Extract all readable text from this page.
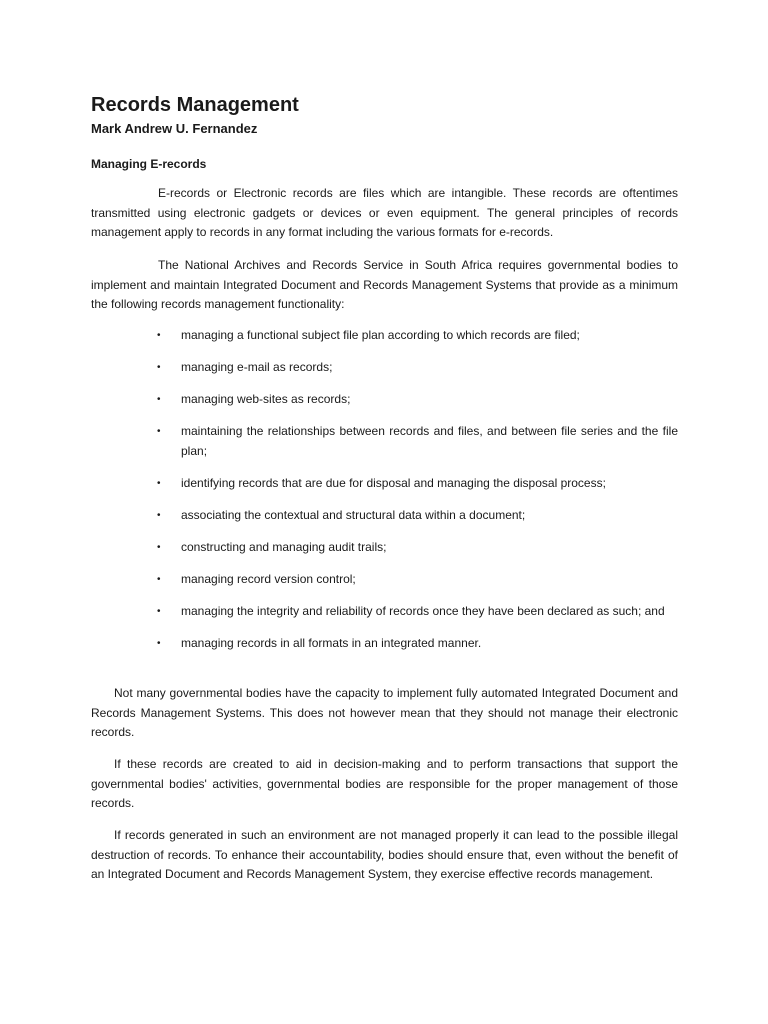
Records Management
Mark Andrew U. Fernandez
Managing E-records

E-records or Electronic records are files which are intangible. These records are oftentimes transmitted using electronic gadgets or devices or even equipment. The general principles of records management apply to records in any format including the various formats for e-records.

The National Archives and Records Service in South Africa requires governmental bodies to implement and maintain Integrated Document and Records Management Systems that provide as a minimum the following records management functionality:

• managing a functional subject file plan according to which records are filed;
• managing e-mail as records;
• managing web-sites as records;
• maintaining the relationships between records and files, and between file series and the file plan;
• identifying records that are due for disposal and managing the disposal process;
• associating the contextual and structural data within a document;
• constructing and managing audit trails;
• managing record version control;
• managing the integrity and reliability of records once they have been declared as such; and
• managing records in all formats in an integrated manner.

Not many governmental bodies have the capacity to implement fully automated Integrated Document and Records Management Systems. This does not however mean that they should not manage their electronic records.

If these records are created to aid in decision-making and to perform transactions that support the governmental bodies' activities, governmental bodies are responsible for the proper management of those records.

If records generated in such an environment are not managed properly it can lead to the possible illegal destruction of records. To enhance their accountability, bodies should ensure that, even without the benefit of an Integrated Document and Records Management System, they exercise effective records management.
